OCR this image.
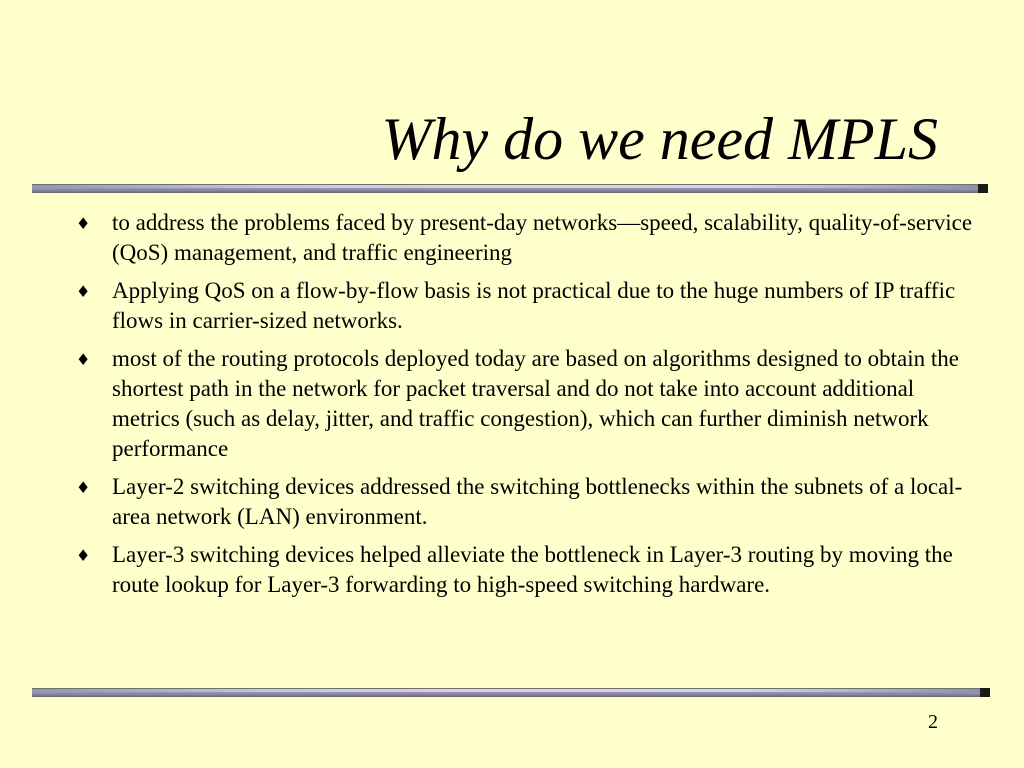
Why do we need MPLS
♦ to address the problems faced by present-day networks—speed, scalability, quality-of-service (QoS) management, and traffic engineering
♦ Applying QoS on a flow-by-flow basis is not practical due to the huge numbers of IP traffic flows in carrier-sized networks.
♦ most of the routing protocols deployed today are based on algorithms designed to obtain the shortest path in the network for packet traversal and do not take into account additional metrics (such as delay, jitter, and traffic congestion), which can further diminish network performance
♦ Layer-2 switching devices addressed the switching bottlenecks within the subnets of a local-area network (LAN) environment.
♦ Layer-3 switching devices helped alleviate the bottleneck in Layer-3 routing by moving the route lookup for Layer-3 forwarding to high-speed switching hardware.

2
